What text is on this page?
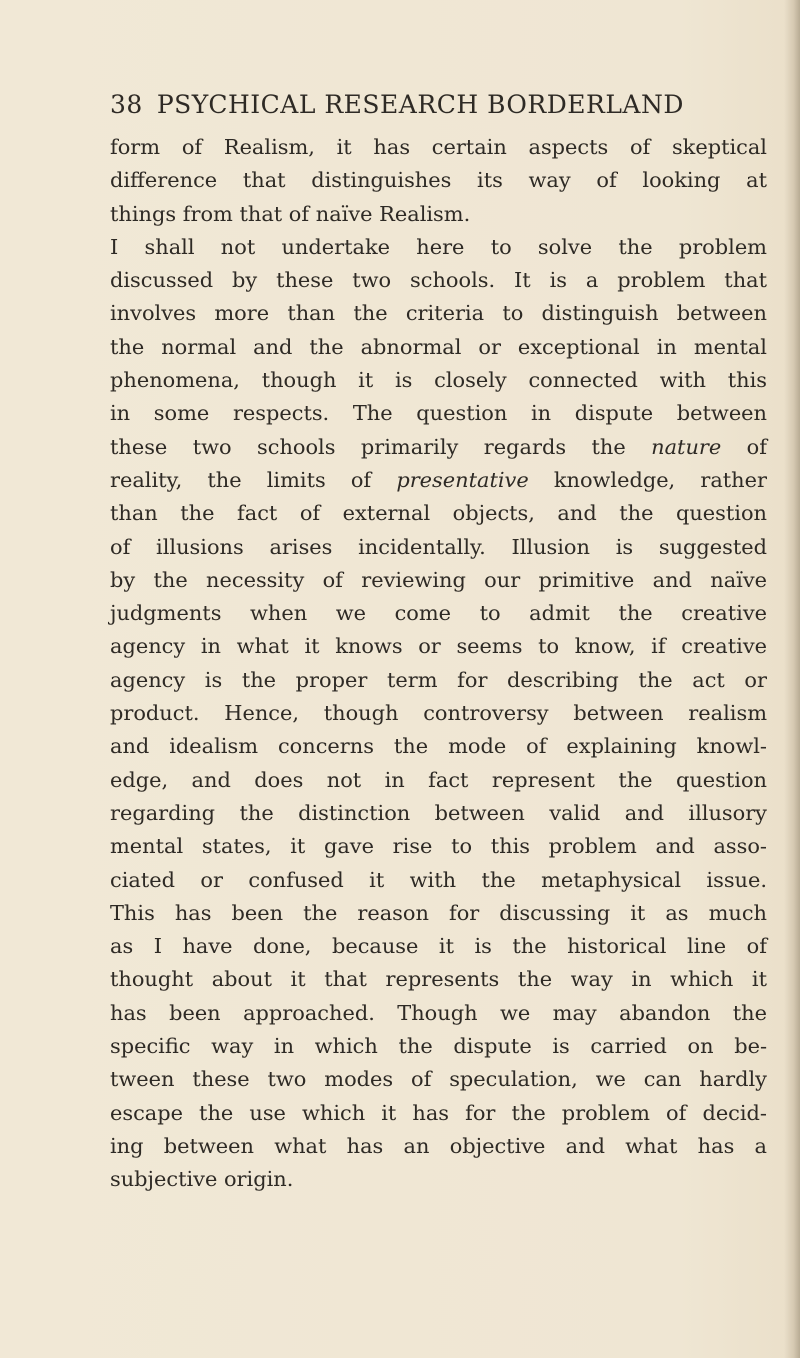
38 PSYCHICAL RESEARCH BORDERLAND
form of Realism, it has certain aspects of skeptical
difference that distinguishes its way of looking at
things from that of naïve Realism.
I shall not undertake here to solve the problem
discussed by these two schools. It is a problem that
involves more than the criteria to distinguish between
the normal and the abnormal or exceptional in mental
phenomena, though it is closely connected with this
in some respects. The question in dispute between
these two schools primarily regards the nature of
reality, the limits of presentative knowledge, rather
than the fact of external objects, and the question
of illusions arises incidentally. Illusion is suggested
by the necessity of reviewing our primitive and naïve
judgments when we come to admit the creative
agency in what it knows or seems to know, if creative
agency is the proper term for describing the act or
product. Hence, though controversy between realism
and idealism concerns the mode of explaining knowl-
edge, and does not in fact represent the question
regarding the distinction between valid and illusory
mental states, it gave rise to this problem and asso-
ciated or confused it with the metaphysical issue.
This has been the reason for discussing it as much
as I have done, because it is the historical line of
thought about it that represents the way in which it
has been approached. Though we may abandon the
specific way in which the dispute is carried on be-
tween these two modes of speculation, we can hardly
escape the use which it has for the problem of decid-
ing between what has an objective and what has a
subjective origin.
